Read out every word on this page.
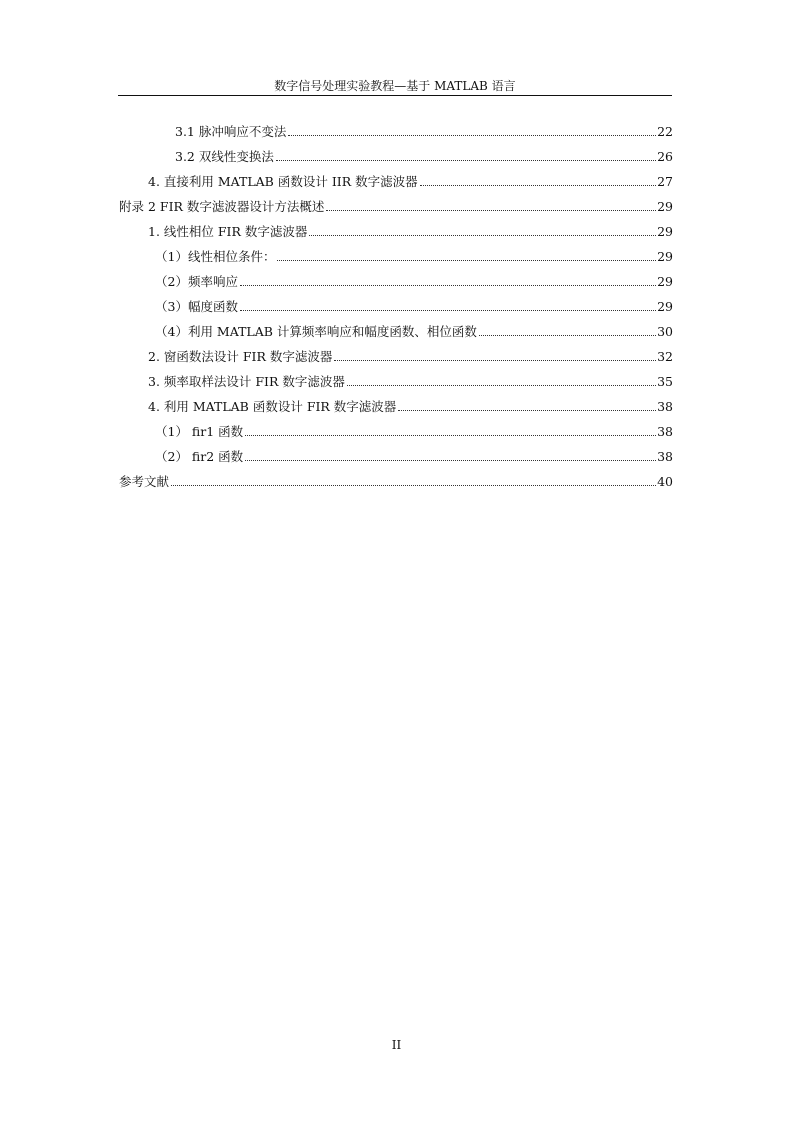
数字信号处理实验教程—基于 MATLAB 语言
3.1 脉冲响应不变法	22
3.2 双线性变换法	26
4. 直接利用 MATLAB 函数设计 IIR 数字滤波器	27
附录 2 FIR 数字滤波器设计方法概述	29
1. 线性相位 FIR 数字滤波器	29
（1）线性相位条件：	29
（2）频率响应	29
（3）幅度函数	29
（4）利用 MATLAB 计算频率响应和幅度函数、相位函数	30
2. 窗函数法设计 FIR 数字滤波器	32
3. 频率取样法设计 FIR 数字滤波器	35
4. 利用 MATLAB 函数设计 FIR 数字滤波器	38
（1） fir1 函数	38
（2） fir2 函数	38
参考文献	40
II
